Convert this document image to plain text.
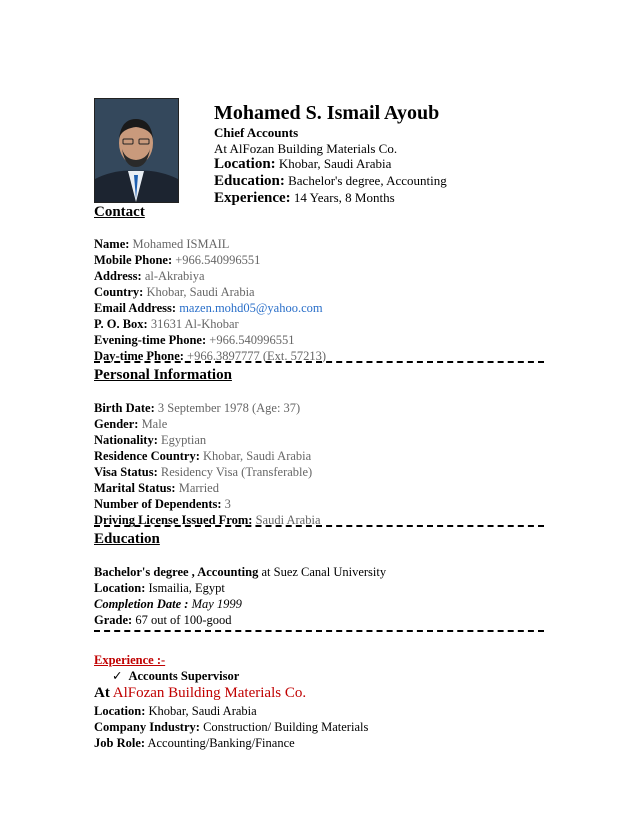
Mohamed S. Ismail Ayoub
Chief Accounts
At AlFozan Building Materials Co.
Location: Khobar, Saudi Arabia
Education: Bachelor's degree, Accounting
Experience: 14 Years, 8 Months
Contact
Name: Mohamed ISMAIL
Mobile Phone: +966.540996551
Address: al-Akrabiya
Country: Khobar, Saudi Arabia
Email Address: mazen.mohd05@yahoo.com
P. O. Box: 31631 Al-Khobar
Evening-time Phone: +966.540996551
Day-time Phone: +966.3897777 (Ext. 57213)
Personal Information
Birth Date: 3 September 1978 (Age: 37)
Gender: Male
Nationality: Egyptian
Residence Country: Khobar, Saudi Arabia
Visa Status: Residency Visa (Transferable)
Marital Status: Married
Number of Dependents: 3
Driving License Issued From: Saudi Arabia
Education
Bachelor's degree , Accounting at Suez Canal University
Location: Ismailia, Egypt
Completion Date : May 1999
Grade: 67 out of 100-good
Experience :-
✓ Accounts Supervisor
At AlFozan Building Materials Co.
Location: Khobar, Saudi Arabia
Company Industry: Construction/ Building Materials
Job Role: Accounting/Banking/Finance
